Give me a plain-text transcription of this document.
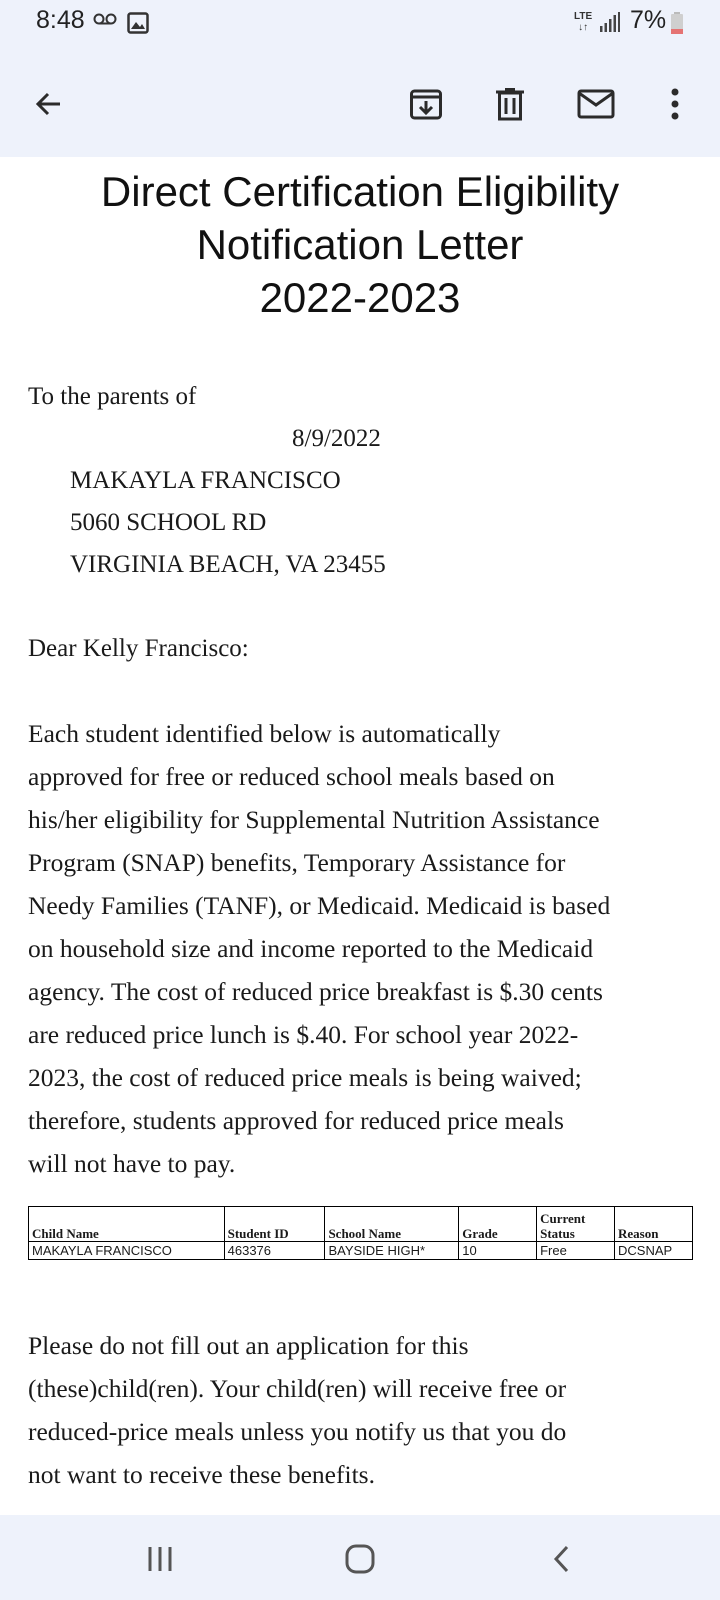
8:48	LTE
↓↑ 7%
Direct Certification Eligibility
Notification Letter
2022-2023
To the parents of
8/9/2022
MAKAYLA FRANCISCO
5060 SCHOOL RD
VIRGINIA BEACH, VA 23455
Dear Kelly Francisco:
Each student identified below is automatically
approved for free or reduced school meals based on
his/her eligibility for Supplemental Nutrition Assistance
Program (SNAP) benefits, Temporary Assistance for
Needy Families (TANF), or Medicaid. Medicaid is based
on household size and income reported to the Medicaid
agency. The cost of reduced price breakfast is $.30 cents
are reduced price lunch is $.40. For school year 2022-
2023, the cost of reduced price meals is being waived;
therefore, students approved for reduced price meals
will not have to pay.
Child Name	Student ID	School Name	Grade	Current Status	Reason
MAKAYLA FRANCISCO	463376	BAYSIDE HIGH*	10	Free	DCSNAP
Please do not fill out an application for this
(these)child(ren). Your child(ren) will receive free or
reduced-price meals unless you notify us that you do
not want to receive these benefits.
